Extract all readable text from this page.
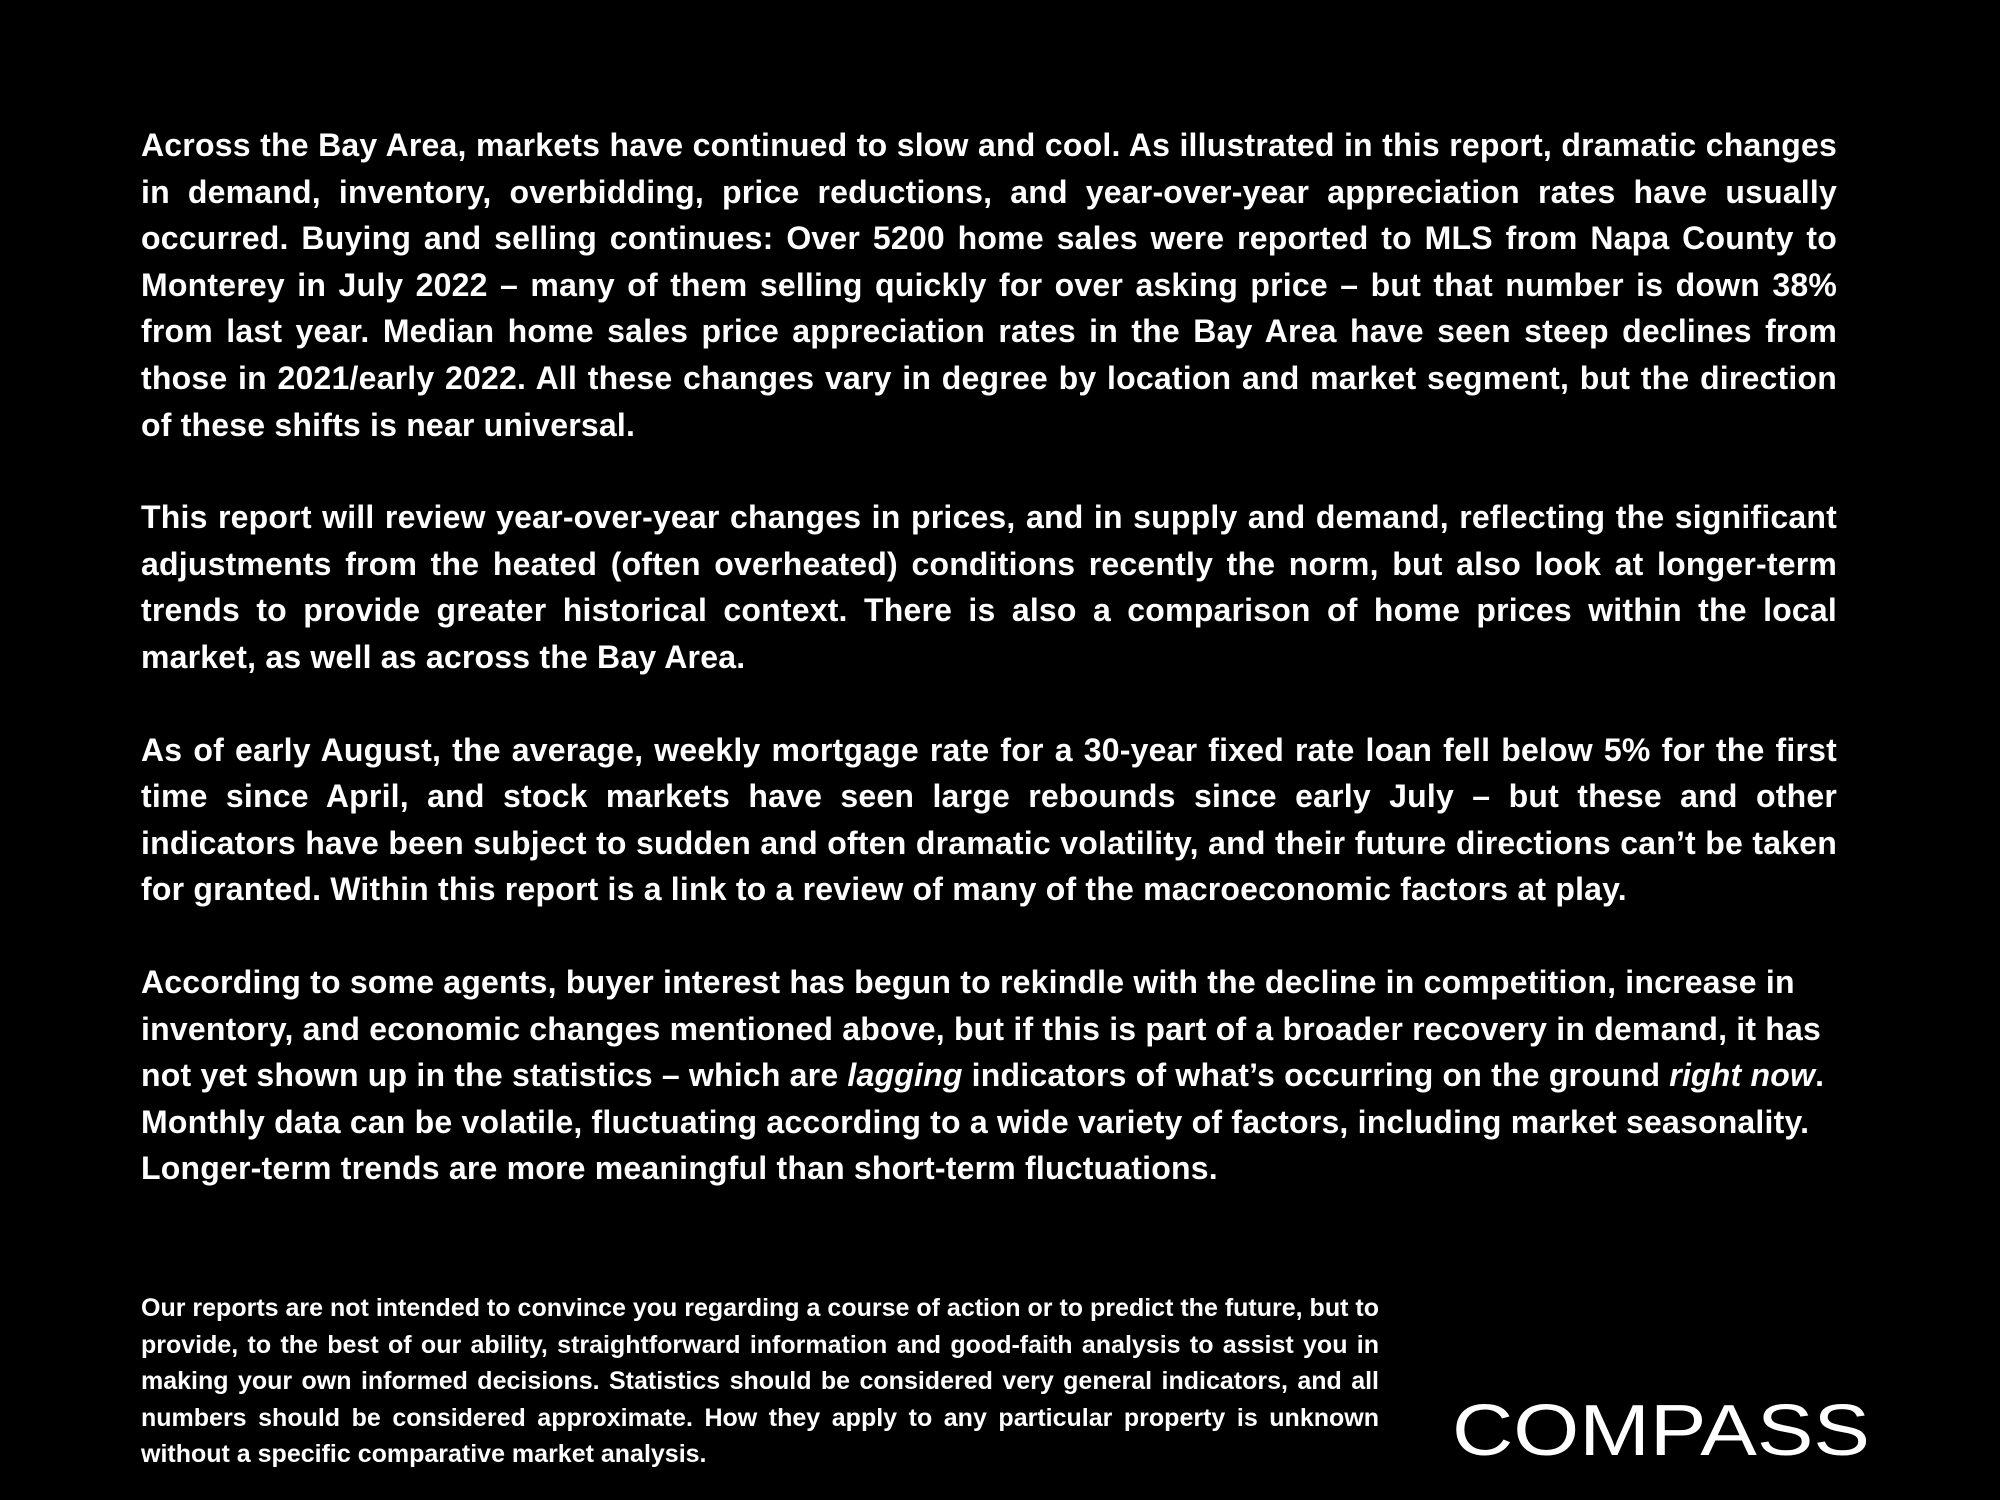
Across the Bay Area, markets have continued to slow and cool. As illustrated in this report, dramatic changes in demand, inventory, overbidding, price reductions, and year-over-year appreciation rates have usually occurred. Buying and selling continues: Over 5200 home sales were reported to MLS from Napa County to Monterey in July 2022 – many of them selling quickly for over asking price – but that number is down 38% from last year. Median home sales price appreciation rates in the Bay Area have seen steep declines from those in 2021/early 2022. All these changes vary in degree by location and market segment, but the direction of these shifts is near universal.

This report will review year-over-year changes in prices, and in supply and demand, reflecting the significant adjustments from the heated (often overheated) conditions recently the norm, but also look at longer-term trends to provide greater historical context. There is also a comparison of home prices within the local market, as well as across the Bay Area.

As of early August, the average, weekly mortgage rate for a 30-year fixed rate loan fell below 5% for the first time since April, and stock markets have seen large rebounds since early July – but these and other indicators have been subject to sudden and often dramatic volatility, and their future directions can’t be taken for granted. Within this report is a link to a review of many of the macroeconomic factors at play.

According to some agents, buyer interest has begun to rekindle with the decline in competition, increase in inventory, and economic changes mentioned above, but if this is part of a broader recovery in demand, it has not yet shown up in the statistics – which are lagging indicators of what’s occurring on the ground right now. Monthly data can be volatile, fluctuating according to a wide variety of factors, including market seasonality. Longer-term trends are more meaningful than short-term fluctuations.

Our reports are not intended to convince you regarding a course of action or to predict the future, but to provide, to the best of our ability, straightforward information and good-faith analysis to assist you in making your own informed decisions. Statistics should be considered very general indicators, and all numbers should be considered approximate. How they apply to any particular property is unknown without a specific comparative market analysis.	COMPASS
